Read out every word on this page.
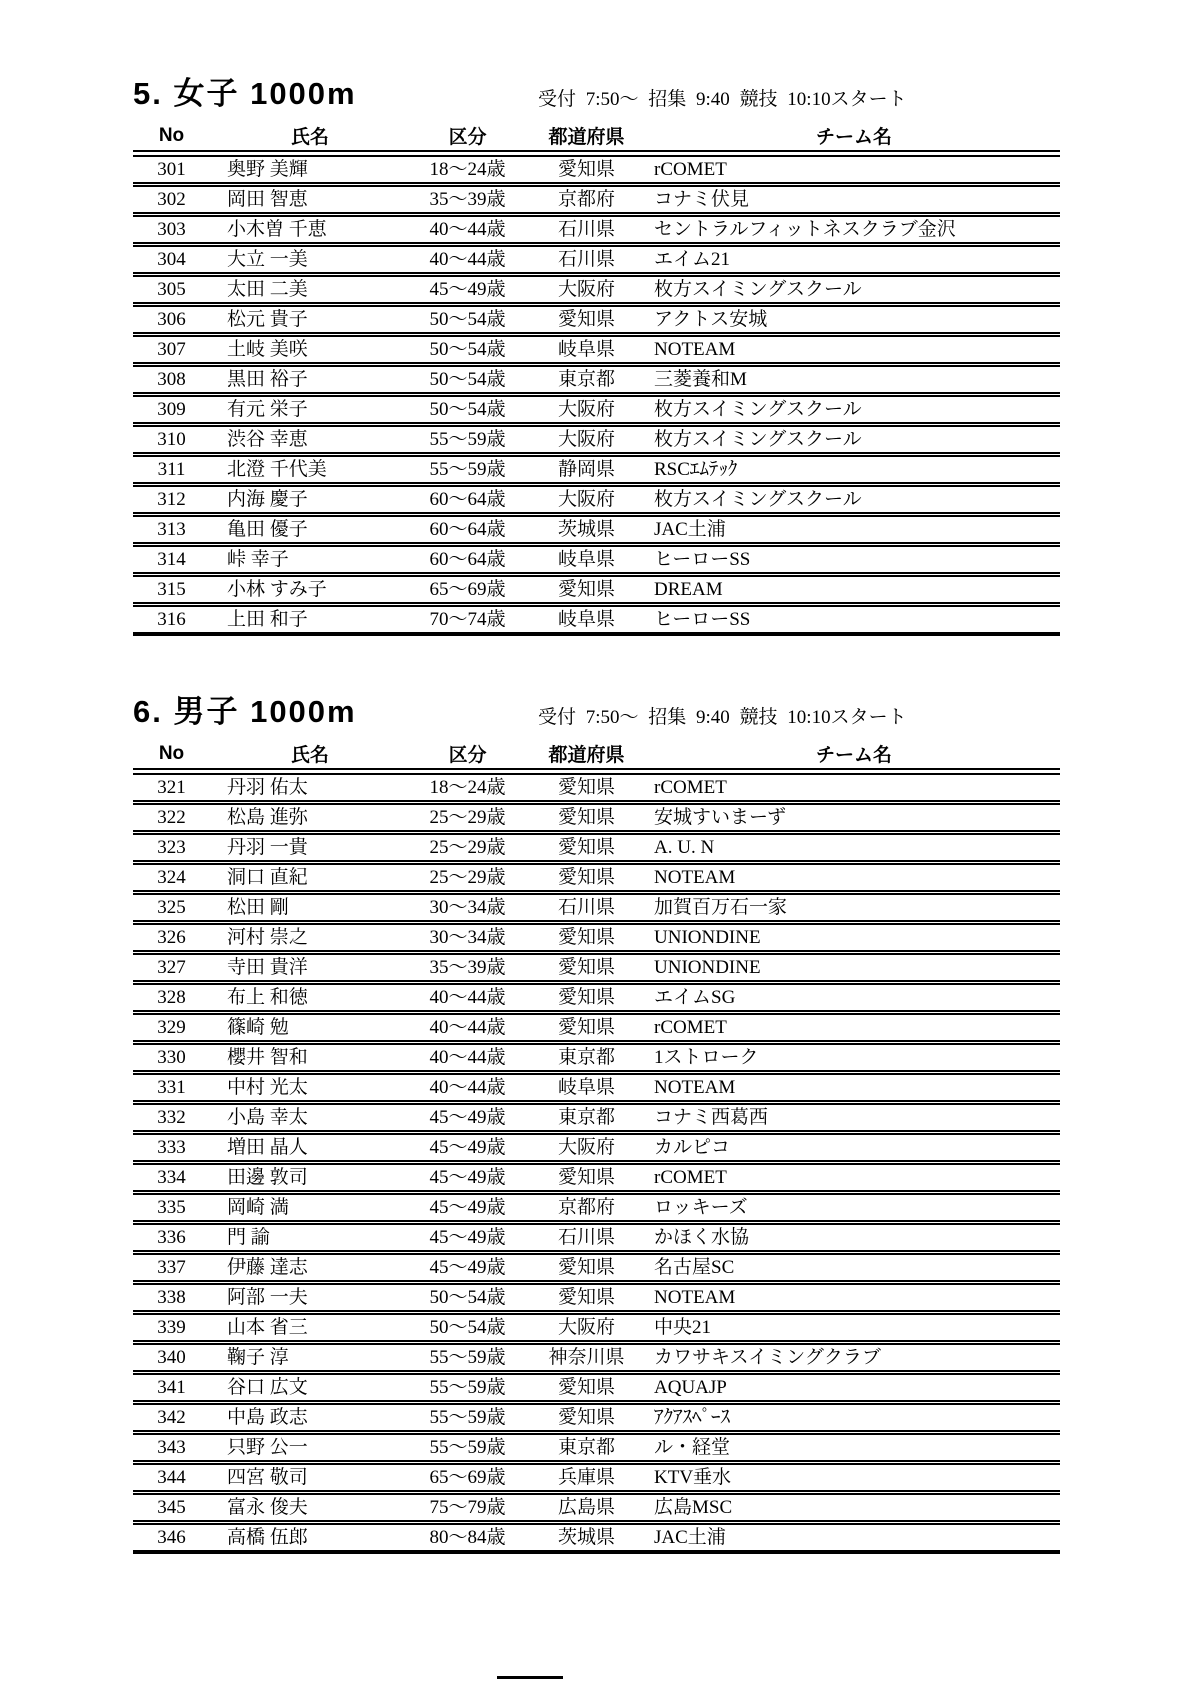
5. 女子 1000m	受付 7:50～ 招集 9:40 競技 10:10スタート
No	氏名	区分	都道府県	チーム名
301	奥野 美輝	18～24歳	愛知県	rCOMET
302	岡田 智恵	35～39歳	京都府	コナミ伏見
303	小木曽 千恵	40～44歳	石川県	セントラルフィットネスクラブ金沢
304	大立 一美	40～44歳	石川県	エイム21
305	太田 二美	45～49歳	大阪府	枚方スイミングスクール
306	松元 貴子	50～54歳	愛知県	アクトス安城
307	土岐 美咲	50～54歳	岐阜県	NOTEAM
308	黒田 裕子	50～54歳	東京都	三菱養和M
309	有元 栄子	50～54歳	大阪府	枚方スイミングスクール
310	渋谷 幸恵	55～59歳	大阪府	枚方スイミングスクール
311	北澄 千代美	55～59歳	静岡県	RSCｴﾑﾃｯｸ
312	内海 慶子	60～64歳	大阪府	枚方スイミングスクール
313	亀田 優子	60～64歳	茨城県	JAC土浦
314	峠 幸子	60～64歳	岐阜県	ヒーローSS
315	小林 すみ子	65～69歳	愛知県	DREAM
316	上田 和子	70～74歳	岐阜県	ヒーローSS
6. 男子 1000m	受付 7:50～ 招集 9:40 競技 10:10スタート
No	氏名	区分	都道府県	チーム名
321	丹羽 佑太	18～24歳	愛知県	rCOMET
322	松島 進弥	25～29歳	愛知県	安城すいまーず
323	丹羽 一貴	25～29歳	愛知県	A. U. N
324	洞口 直紀	25～29歳	愛知県	NOTEAM
325	松田 剛	30～34歳	石川県	加賀百万石一家
326	河村 崇之	30～34歳	愛知県	UNIONDINE
327	寺田 貴洋	35～39歳	愛知県	UNIONDINE
328	布上 和徳	40～44歳	愛知県	エイムSG
329	篠崎 勉	40～44歳	愛知県	rCOMET
330	櫻井 智和	40～44歳	東京都	1ストローク
331	中村 光太	40～44歳	岐阜県	NOTEAM
332	小島 幸太	45～49歳	東京都	コナミ西葛西
333	増田 晶人	45～49歳	大阪府	カルピコ
334	田邊 敦司	45～49歳	愛知県	rCOMET
335	岡崎 満	45～49歳	京都府	ロッキーズ
336	門 諭	45～49歳	石川県	かほく水協
337	伊藤 達志	45～49歳	愛知県	名古屋SC
338	阿部 一夫	50～54歳	愛知県	NOTEAM
339	山本 省三	50～54歳	大阪府	中央21
340	鞠子 淳	55～59歳	神奈川県	カワサキスイミングクラブ
341	谷口 広文	55～59歳	愛知県	AQUAJP
342	中島 政志	55～59歳	愛知県	ｱｸｱｽﾍﾟｰｽ
343	只野 公一	55～59歳	東京都	ル・経堂
344	四宮 敬司	65～69歳	兵庫県	KTV垂水
345	富永 俊夫	75～79歳	広島県	広島MSC
346	高橋 伍郎	80～84歳	茨城県	JAC土浦
